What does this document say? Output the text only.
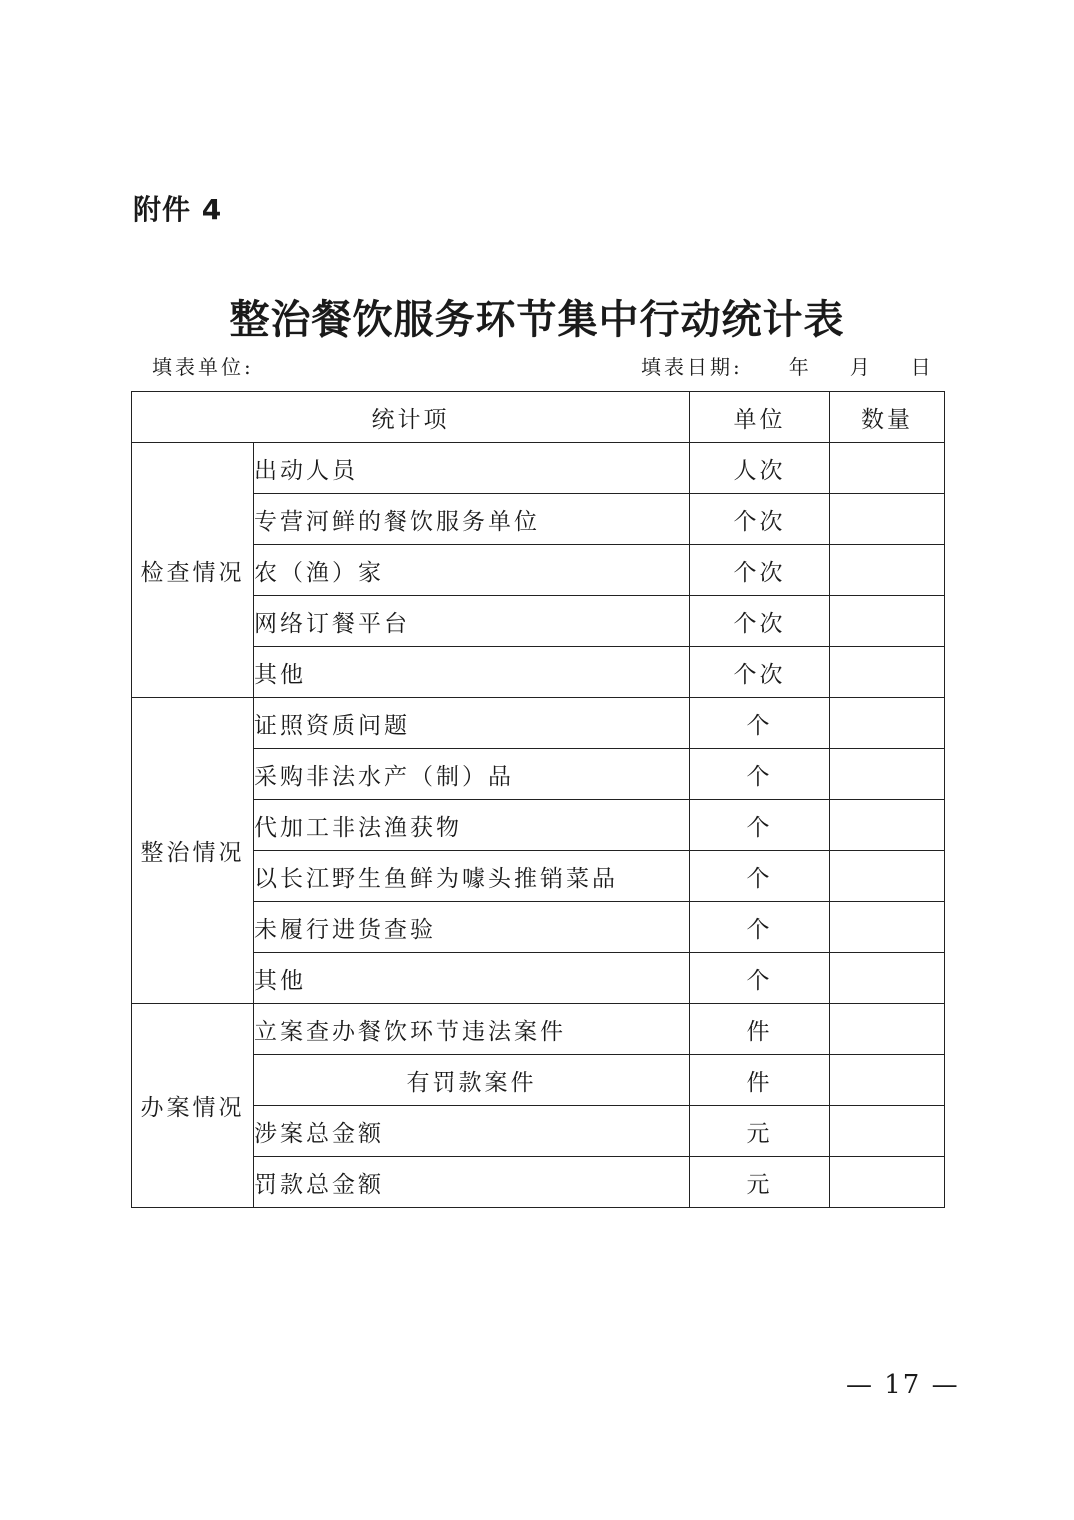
附件 4
整治餐饮服务环节集中行动统计表
填表单位:	填表日期: 年 月 日
统计项		单位	数量
检查情况	出动人员	人次	
	专营河鲜的餐饮服务单位	个次	
	农（渔）家	个次	
	网络订餐平台	个次	
	其他	个次	
整治情况	证照资质问题	个	
	采购非法水产（制）品	个	
	代加工非法渔获物	个	
	以长江野生鱼鲜为噱头推销菜品	个	
	未履行进货查验	个	
	其他	个	
办案情况	立案查办餐饮环节违法案件	件	
	有罚款案件	件	
	涉案总金额	元	
	罚款总金额	元	
— 17 —
